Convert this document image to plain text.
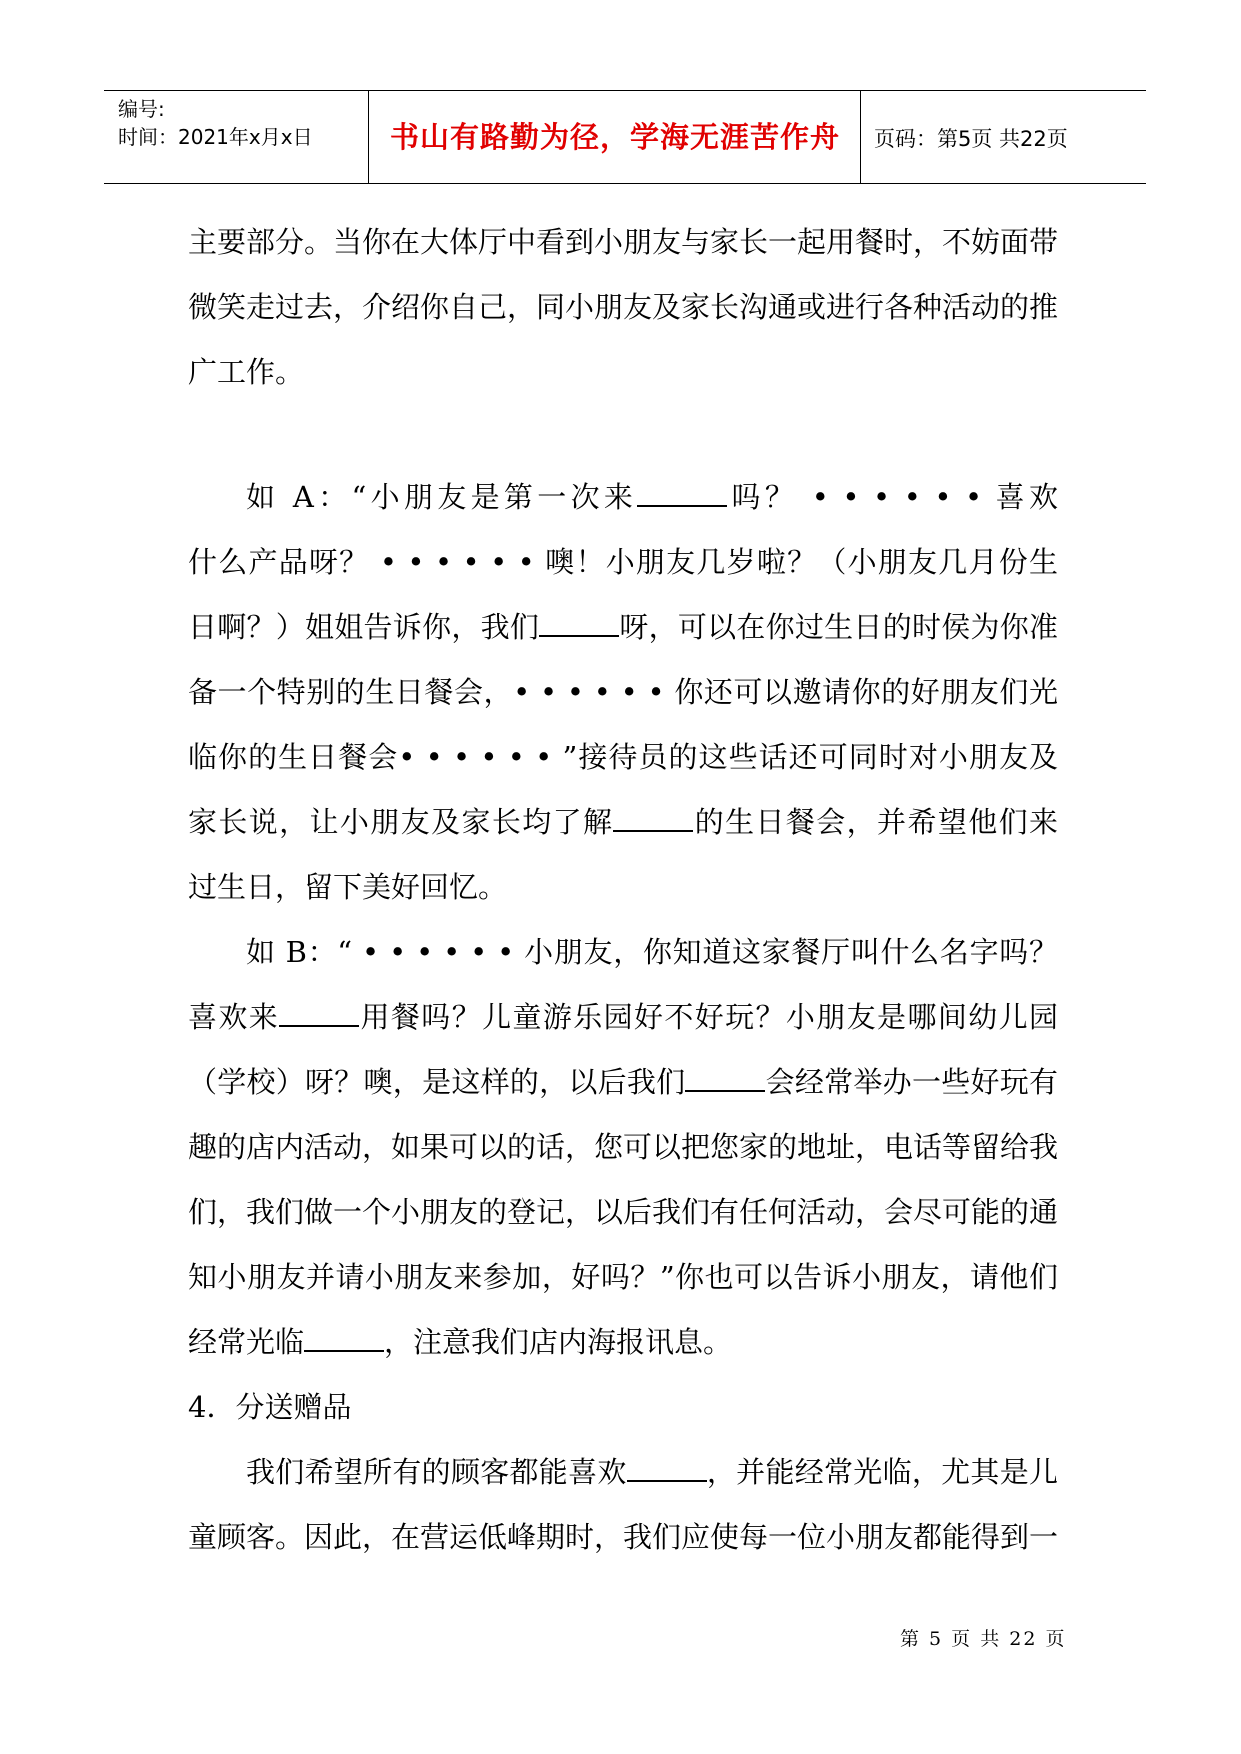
编号:
时间：2021年x月x日	书山有路勤为径，学海无涯苦作舟	页码：第5页 共22页
主要部分。当你在大体厅中看到小朋友与家长一起用餐时，不妨面带
微笑走过去，介绍你自己，同小朋友及家长沟通或进行各种活动的推
广工作。
如 A：“小朋友是第一次来	吗？ • • • • • • 喜欢
什么产品呀？ • • • • • • 噢！小朋友几岁啦？（小朋友几月份生
日啊？）姐姐告诉你，我们	呀，可以在你过生日的时侯为你准
备一个特别的生日餐会，• • • • • • 你还可以邀请你的好朋友们光
临你的生日餐会• • • • • • ”接待员的这些话还可同时对小朋友及
家长说，让小朋友及家长均了解	的生日餐会，并希望他们来
过生日，留下美好回忆。
如 B：“ • • • • • • 小朋友，你知道这家餐厅叫什么名字吗？
喜欢来	用餐吗？儿童游乐园好不好玩？小朋友是哪间幼儿园
（学校）呀？噢，是这样的，以后我们	会经常举办一些好玩有
趣的店内活动，如果可以的话，您可以把您家的地址，电话等留给我
们，我们做一个小朋友的登记，以后我们有任何活动，会尽可能的通
知小朋友并请小朋友来参加，好吗？”你也可以告诉小朋友，请他们
经常光临	，注意我们店内海报讯息。
4．分送赠品
我们希望所有的顾客都能喜欢	，并能经常光临，尤其是儿
童顾客。因此，在营运低峰期时，我们应使每一位小朋友都能得到一
第 5 页 共 22 页
